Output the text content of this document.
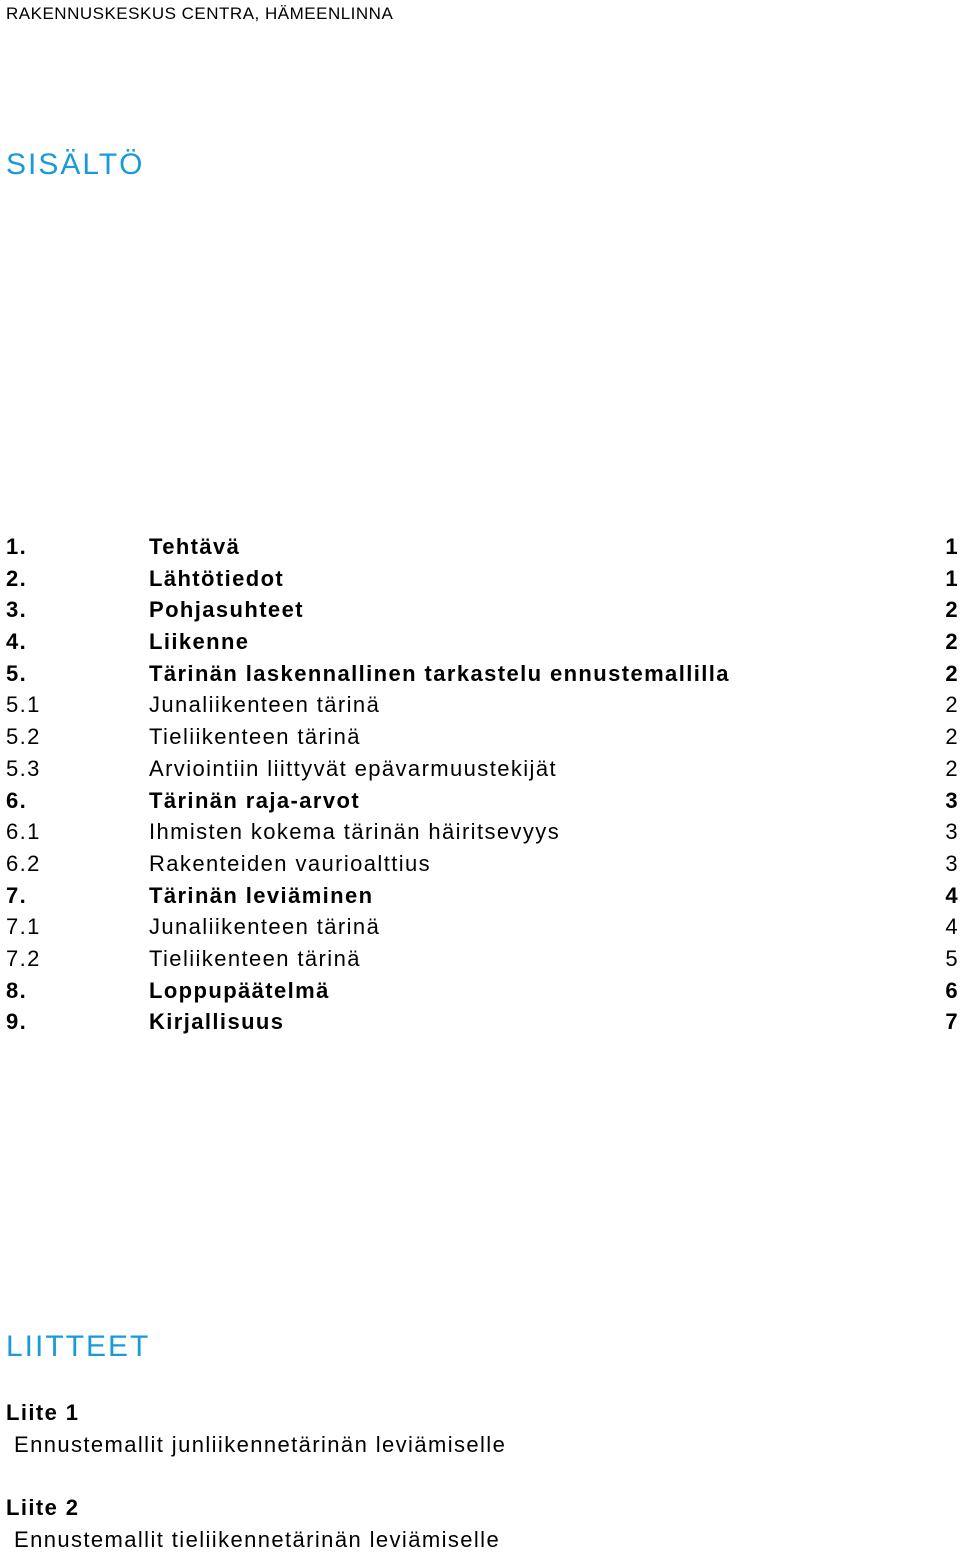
RAKENNUSKESKUS CENTRA, HÄMEENLINNA
SISÄLTÖ
1.	Tehtävä	1
2.	Lähtötiedot	1
3.	Pohjasuhteet	2
4.	Liikenne	2
5.	Tärinän laskennallinen tarkastelu ennustemallilla	2
5.1	Junaliikenteen tärinä	2
5.2	Tieliikenteen tärinä	2
5.3	Arviointiin liittyvät epävarmuustekijät	2
6.	Tärinän raja-arvot	3
6.1	Ihmisten kokema tärinän häiritsevyys	3
6.2	Rakenteiden vaurioalttius	3
7.	Tärinän leviäminen	4
7.1	Junaliikenteen tärinä	4
7.2	Tieliikenteen tärinä	5
8.	Loppupäätelmä	6
9.	Kirjallisuus	7
LIITTEET
Liite 1
Ennustemallit junliikennetärinän leviämiselle
Liite 2
Ennustemallit tieliikennetärinän leviämiselle
